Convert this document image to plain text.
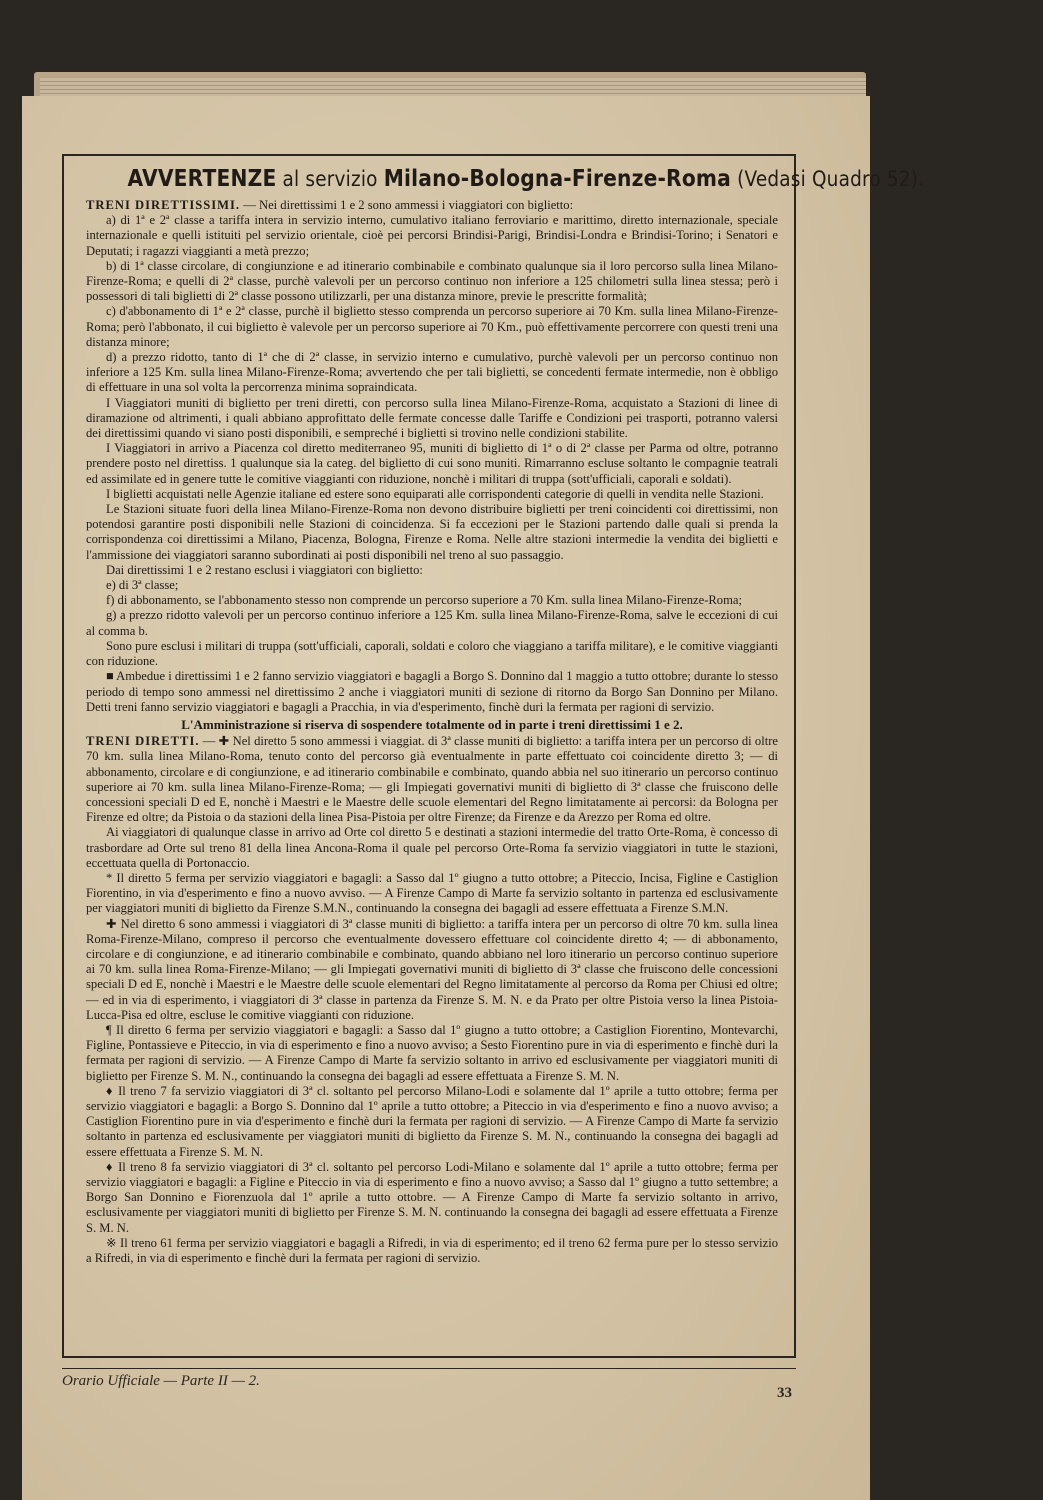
AVVERTENZE al servizio Milano-Bologna-Firenze-Roma (Vedasi Quadro 52).

TRENI DIRETTISSIMI. — Nei direttissimi 1 e 2 sono ammessi i viaggiatori con biglietto:

a) di 1ª e 2ª classe a tariffa intera in servizio interno, cumulativo italiano ferroviario e marittimo, diretto internazionale, speciale internazionale e quelli istituiti pel servizio orientale, cioè pei percorsi Brindisi-Parigi, Brindisi-Londra e Brindisi-Torino; i Senatori e Deputati; i ragazzi viaggianti a metà prezzo;

b) di 1ª classe circolare, di congiunzione e ad itinerario combinabile e combinato qualunque sia il loro percorso sulla linea Milano-Firenze-Roma; e quelli di 2ª classe, purchè valevoli per un percorso continuo non inferiore a 125 chilometri sulla linea stessa; però i possessori di tali biglietti di 2ª classe possono utilizzarli, per una distanza minore, previe le prescritte formalità;

c) d'abbonamento di 1ª e 2ª classe, purchè il biglietto stesso comprenda un percorso superiore ai 70 Km. sulla linea Milano-Firenze-Roma; però l'abbonato, il cui biglietto è valevole per un percorso superiore ai 70 Km., può effettivamente percorrere con questi treni una distanza minore;

d) a prezzo ridotto, tanto di 1ª che di 2ª classe, in servizio interno e cumulativo, purchè valevoli per un percorso continuo non inferiore a 125 Km. sulla linea Milano-Firenze-Roma; avvertendo che per tali biglietti, se concedenti fermate intermedie, non è obbligo di effettuare in una sol volta la percorrenza minima sopraindicata.

I Viaggiatori muniti di biglietto per treni diretti, con percorso sulla linea Milano-Firenze-Roma, acquistato a Stazioni di linee di diramazione od altrimenti, i quali abbiano approfittato delle fermate concesse dalle Tariffe e Condizioni pei trasporti, potranno valersi dei direttissimi quando vi siano posti disponibili, e sempreché i biglietti si trovino nelle condizioni stabilite.

I Viaggiatori in arrivo a Piacenza col diretto mediterraneo 95, muniti di biglietto di 1ª o di 2ª classe per Parma od oltre, potranno prendere posto nel direttiss. 1 qualunque sia la categ. del biglietto di cui sono muniti. Rimarranno escluse soltanto le compagnie teatrali ed assimilate ed in genere tutte le comitive viaggianti con riduzione, nonchè i militari di truppa (sott'ufficiali, caporali e soldati).

I biglietti acquistati nelle Agenzie italiane ed estere sono equiparati alle corrispondenti categorie di quelli in vendita nelle Stazioni.

Le Stazioni situate fuori della linea Milano-Firenze-Roma non devono distribuire biglietti per treni coincidenti coi direttissimi, non potendosi garantire posti disponibili nelle Stazioni di coincidenza. Si fa eccezioni per le Stazioni partendo dalle quali si prenda la corrispondenza coi direttissimi a Milano, Piacenza, Bologna, Firenze e Roma. Nelle altre stazioni intermedie la vendita dei biglietti e l'ammissione dei viaggiatori saranno subordinati ai posti disponibili nel treno al suo passaggio.

Dai direttissimi 1 e 2 restano esclusi i viaggiatori con biglietto:

e) di 3ª classe;

f) di abbonamento, se l'abbonamento stesso non comprende un percorso superiore a 70 Km. sulla linea Milano-Firenze-Roma;

g) a prezzo ridotto valevoli per un percorso continuo inferiore a 125 Km. sulla linea Milano-Firenze-Roma, salve le eccezioni di cui al comma b.

Sono pure esclusi i militari di truppa (sott'ufficiali, caporali, soldati e coloro che viaggiano a tariffa militare), e le comitive viaggianti con riduzione.

■ Ambedue i direttissimi 1 e 2 fanno servizio viaggiatori e bagagli a Borgo S. Donnino dal 1 maggio a tutto ottobre; durante lo stesso periodo di tempo sono ammessi nel direttissimo 2 anche i viaggiatori muniti di sezione di ritorno da Borgo San Donnino per Milano. Detti treni fanno servizio viaggiatori e bagagli a Pracchia, in via d'esperimento, finchè duri la fermata per ragioni di servizio.

L'Amministrazione si riserva di sospendere totalmente od in parte i treni direttissimi 1 e 2.

TRENI DIRETTI. — ✚ Nel diretto 5 sono ammessi i viaggiat. di 3ª classe muniti di biglietto: a tariffa intera per un percorso di oltre 70 km. sulla linea Milano-Roma, tenuto conto del percorso già eventualmente in parte effettuato coi coincidente diretto 3; — di abbonamento, circolare e di congiunzione, e ad itinerario combinabile e combinato, quando abbia nel suo itinerario un percorso continuo superiore ai 70 km. sulla linea Milano-Firenze-Roma; — gli Impiegati governativi muniti di biglietto di 3ª classe che fruiscono delle concessioni speciali D ed E, nonchè i Maestri e le Maestre delle scuole elementari del Regno limitatamente ai percorsi: da Bologna per Firenze ed oltre; da Pistoia o da stazioni della linea Pisa-Pistoia per oltre Firenze; da Firenze e da Arezzo per Roma ed oltre.

Ai viaggiatori di qualunque classe in arrivo ad Orte col diretto 5 e destinati a stazioni intermedie del tratto Orte-Roma, è concesso di trasbordare ad Orte sul treno 81 della linea Ancona-Roma il quale pel percorso Orte-Roma fa servizio viaggiatori in tutte le stazioni, eccettuata quella di Portonaccio.

* Il diretto 5 ferma per servizio viaggiatori e bagagli: a Sasso dal 1º giugno a tutto ottobre; a Piteccio, Incisa, Figline e Castiglion Fiorentino, in via d'esperimento e fino a nuovo avviso. — A Firenze Campo di Marte fa servizio soltanto in partenza ed esclusivamente per viaggiatori muniti di biglietto da Firenze S.M.N., continuando la consegna dei bagagli ad essere effettuata a Firenze S.M.N.

✚ Nel diretto 6 sono ammessi i viaggiatori di 3ª classe muniti di biglietto: a tariffa intera per un percorso di oltre 70 km. sulla linea Roma-Firenze-Milano, compreso il percorso che eventualmente dovessero effettuare col coincidente diretto 4; — di abbonamento, circolare e di congiunzione, e ad itinerario combinabile e combinato, quando abbiano nel loro itinerario un percorso continuo superiore ai 70 km. sulla linea Roma-Firenze-Milano; — gli Impiegati governativi muniti di biglietto di 3ª classe che fruiscono delle concessioni speciali D ed E, nonchè i Maestri e le Maestre delle scuole elementari del Regno limitatamente al percorso da Roma per Chiusi ed oltre; — ed in via di esperimento, i viaggiatori di 3ª classe in partenza da Firenze S. M. N. e da Prato per oltre Pistoia verso la linea Pistoia-Lucca-Pisa ed oltre, escluse le comitive viaggianti con riduzione.

¶ Il diretto 6 ferma per servizio viaggiatori e bagagli: a Sasso dal 1º giugno a tutto ottobre; a Castiglion Fiorentino, Montevarchi, Figline, Pontassieve e Piteccio, in via di esperimento e fino a nuovo avviso; a Sesto Fiorentino pure in via di esperimento e finchè duri la fermata per ragioni di servizio. — A Firenze Campo di Marte fa servizio soltanto in arrivo ed esclusivamente per viaggiatori muniti di biglietto per Firenze S. M. N., continuando la consegna dei bagagli ad essere effettuata a Firenze S. M. N.

♦ Il treno 7 fa servizio viaggiatori di 3ª cl. soltanto pel percorso Milano-Lodi e solamente dal 1º aprile a tutto ottobre; ferma per servizio viaggiatori e bagagli: a Borgo S. Donnino dal 1º aprile a tutto ottobre; a Piteccio in via d'esperimento e fino a nuovo avviso; a Castiglion Fiorentino pure in via d'esperimento e finchè duri la fermata per ragioni di servizio. — A Firenze Campo di Marte fa servizio soltanto in partenza ed esclusivamente per viaggiatori muniti di biglietto da Firenze S. M. N., continuando la consegna dei bagagli ad essere effettuata a Firenze S. M. N.

♦ Il treno 8 fa servizio viaggiatori di 3ª cl. soltanto pel percorso Lodi-Milano e solamente dal 1º aprile a tutto ottobre; ferma per servizio viaggiatori e bagagli: a Figline e Piteccio in via di esperimento e fino a nuovo avviso; a Sasso dal 1º giugno a tutto settembre; a Borgo San Donnino e Fiorenzuola dal 1º aprile a tutto ottobre. — A Firenze Campo di Marte fa servizio soltanto in arrivo, esclusivamente per viaggiatori muniti di biglietto per Firenze S. M. N. continuando la consegna dei bagagli ad essere effettuata a Firenze S. M. N.

※ Il treno 61 ferma per servizio viaggiatori e bagagli a Rifredi, in via di esperimento; ed il treno 62 ferma pure per lo stesso servizio a Rifredi, in via di esperimento e finchè duri la fermata per ragioni di servizio.

Orario Ufficiale — Parte II — 2.
33
